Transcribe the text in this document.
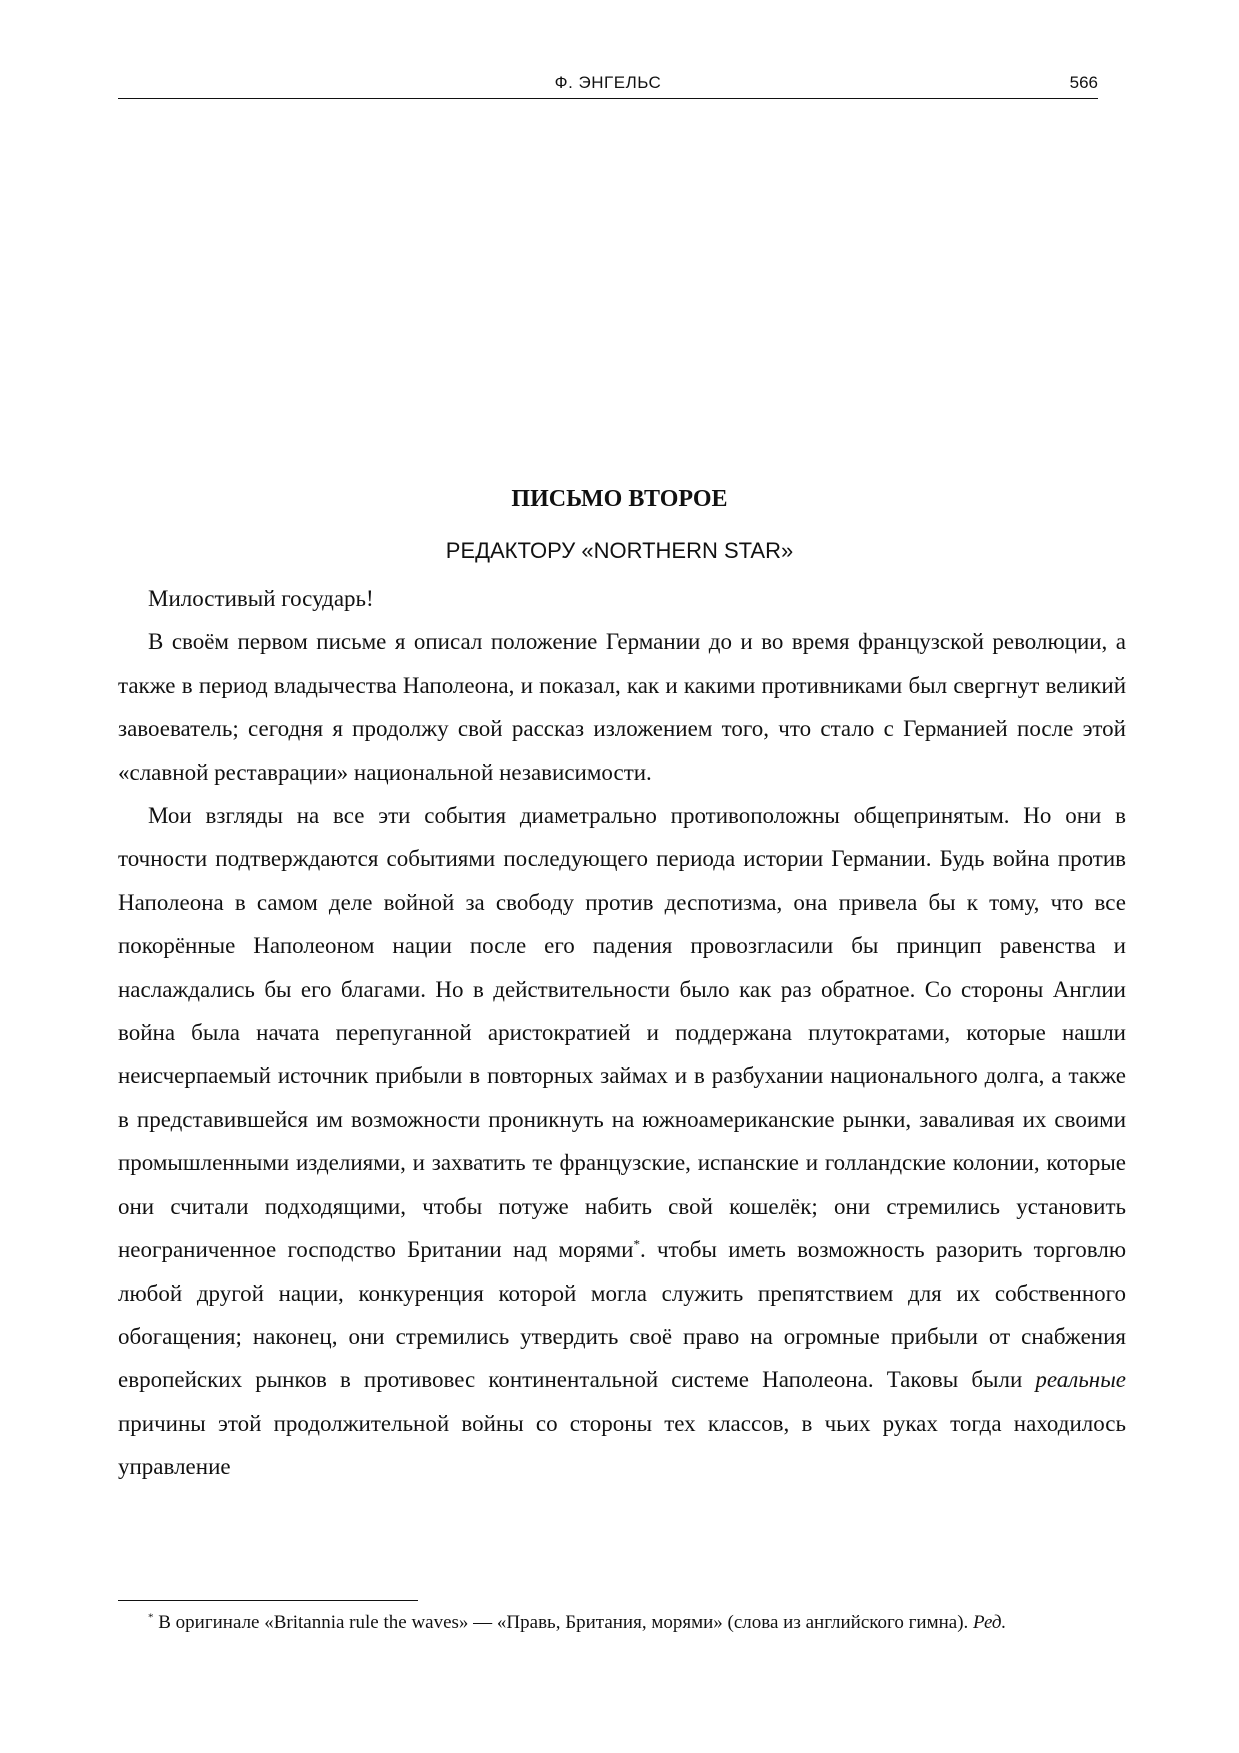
Ф. ЭНГЕЛЬС	566
ПИСЬМО ВТОРОЕ
РЕДАКТОРУ «NORTHERN STAR»

Милостивый государь!

В своём первом письме я описал положение Германии до и во время французской революции, а также в период владычества Наполеона, и показал, как и какими противниками был свергнут великий завоеватель; сегодня я продолжу свой рассказ изложением того, что стало с Германией после этой «славной реставрации» национальной независимости.

Мои взгляды на все эти события диаметрально противоположны общепринятым. Но они в точности подтверждаются событиями последующего периода истории Германии. Будь война против Наполеона в самом деле войной за свободу против деспотизма, она привела бы к тому, что все покорённые Наполеоном нации после его падения провозгласили бы принцип равенства и наслаждались бы его благами. Но в действительности было как раз обратное. Со стороны Англии война была начата перепуганной аристократией и поддержана плутократами, которые нашли неисчерпаемый источник прибыли в повторных займах и в разбухании национального долга, а также в представившейся им возможности проникнуть на южноамериканские рынки, заваливая их своими промышленными изделиями, и захватить те французские, испанские и голландские колонии, которые они считали подходящими, чтобы потуже набить свой кошелёк; они стремились установить неограниченное господство Британии над морями*. чтобы иметь возможность разорить торговлю любой другой нации, конкуренция которой могла служить препятствием для их собственного обогащения; наконец, они стремились утвердить своё право на огромные прибыли от снабжения европейских рынков в противовес континентальной системе Наполеона. Таковы были реальные причины этой продолжительной войны со стороны тех классов, в чьих руках тогда находилось управление

* В оригинале «Britannia rule the waves» — «Правь, Британия, морями» (слова из английского гимна). Ред.
